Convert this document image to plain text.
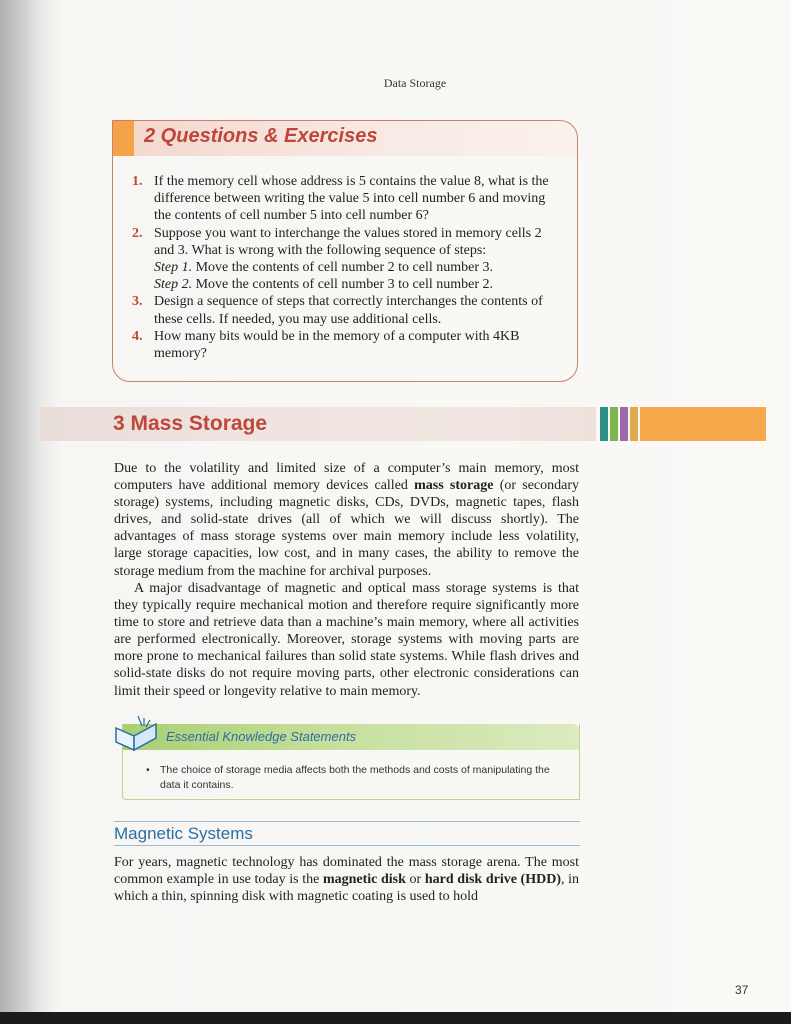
Data Storage
2 Questions & Exercises
1. If the memory cell whose address is 5 contains the value 8, what is the difference between writing the value 5 into cell number 6 and moving the contents of cell number 5 into cell number 6?
2. Suppose you want to interchange the values stored in memory cells 2 and 3. What is wrong with the following sequence of steps:
Step 1. Move the contents of cell number 2 to cell number 3.
Step 2. Move the contents of cell number 3 to cell number 2.
3. Design a sequence of steps that correctly interchanges the contents of these cells. If needed, you may use additional cells.
4. How many bits would be in the memory of a computer with 4KB memory?
3 Mass Storage
Due to the volatility and limited size of a computer’s main memory, most computers have additional memory devices called mass storage (or secondary storage) systems, including magnetic disks, CDs, DVDs, magnetic tapes, flash drives, and solid-state drives (all of which we will discuss shortly). The advantages of mass storage systems over main memory include less volatility, large storage capacities, low cost, and in many cases, the ability to remove the storage medium from the machine for archival purposes.
A major disadvantage of magnetic and optical mass storage systems is that they typically require mechanical motion and therefore require significantly more time to store and retrieve data than a machine’s main memory, where all activities are performed electronically. Moreover, storage systems with moving parts are more prone to mechanical failures than solid state systems. While flash drives and solid-state disks do not require moving parts, other electronic considerations can limit their speed or longevity relative to main memory.
Essential Knowledge Statements
• The choice of storage media affects both the methods and costs of manipulating the data it contains.
Magnetic Systems
For years, magnetic technology has dominated the mass storage arena. The most common example in use today is the magnetic disk or hard disk drive (HDD), in which a thin, spinning disk with magnetic coating is used to hold
37
